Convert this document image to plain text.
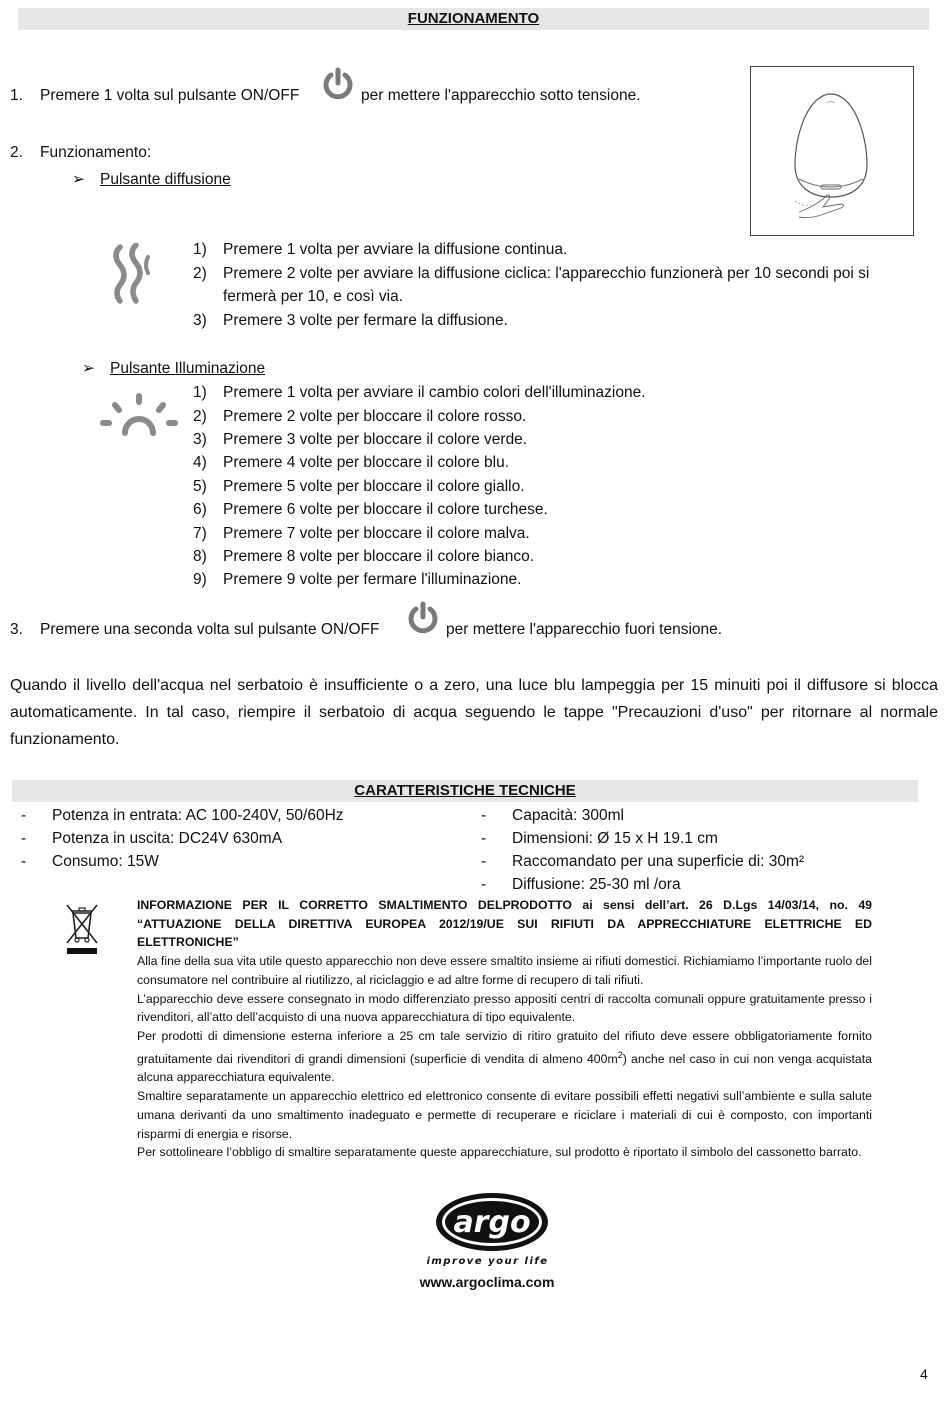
FUNZIONAMENTO
1. Premere 1 volta sul pulsante ON/OFF	per mettere l'apparecchio sotto tensione.
2. Funzionamento:
➢ Pulsante diffusione
1) Premere 1 volta per avviare la diffusione continua.
2) Premere 2 volte per avviare la diffusione ciclica: l'apparecchio funzionerà per 10 secondi poi si
fermerà per 10, e così via.
3) Premere 3 volte per fermare la diffusione.
➢ Pulsante Illuminazione
1) Premere 1 volta per avviare il cambio colori dell'illuminazione.
2) Premere 2 volte per bloccare il colore rosso.
3) Premere 3 volte per bloccare il colore verde.
4) Premere 4 volte per bloccare il colore blu.
5) Premere 5 volte per bloccare il colore giallo.
6) Premere 6 volte per bloccare il colore turchese.
7) Premere 7 volte per bloccare il colore malva.
8) Premere 8 volte per bloccare il colore bianco.
9) Premere 9 volte per fermare l'illuminazione.
3. Premere una seconda volta sul pulsante ON/OFF	per mettere l'apparecchio fuori tensione.
Quando il livello dell'acqua nel serbatoio è insufficiente o a zero, una luce blu lampeggia per 15 minuiti poi il diffusore si blocca automaticamente. In tal caso, riempire il serbatoio di acqua seguendo le tappe "Precauzioni d'uso" per ritornare al normale funzionamento.
CARATTERISTICHE TECNICHE
- Potenza in entrata: AC 100-240V, 50/60Hz
- Potenza in uscita: DC24V 630mA
- Consumo: 15W
- Capacità: 300ml
- Dimensioni: Ø 15 x H 19.1 cm
- Raccomandato per una superficie di: 30m²
- Diffusione: 25-30 ml /ora

INFORMAZIONE PER IL CORRETTO SMALTIMENTO DELPRODOTTO ai sensi dell’art. 26 D.Lgs 14/03/14, no. 49

“ATTUAZIONE DELLA DIRETTIVA EUROPEA 2012/19/UE SUI RIFIUTI DA APPRECCHIATURE ELETTRICHE ED

ELETTRONICHE”

Alla fine della sua vita utile questo apparecchio non deve essere smaltito insieme ai rifiuti domestici. Richiamiamo l’importante ruolo del consumatore nel contribuire al riutilizzo, al riciclaggio e ad altre forme di recupero di tali rifiuti.

L’apparecchio deve essere consegnato in modo differenziato presso appositi centri di raccolta comunali oppure gratuitamente presso i rivenditori, all’atto dell’acquisto di una nuova apparecchiatura di tipo equivalente.

Per prodotti di dimensione esterna inferiore a 25 cm tale servizio di ritiro gratuito del rifiuto deve essere obbligatoriamente fornito gratuitamente dai rivenditori di grandi dimensioni (superficie di vendita di almeno $400m^2$) anche nel caso in cui non venga acquistata alcuna apparecchiatura equivalente.

Smaltire separatamente un apparecchio elettrico ed elettronico consente di evitare possibili effetti negativi sull’ambiente e sulla salute umana derivanti da uno smaltimento inadeguato e permette di recuperare e riciclare i materiali di cui è composto, con importanti risparmi di energia e risorse.

Per sottolineare l’obbligo di smaltire separatamente queste apparecchiature, sul prodotto è riportato il simbolo del cassonetto barrato.

argo
improve your life
www.argoclima.com
4
